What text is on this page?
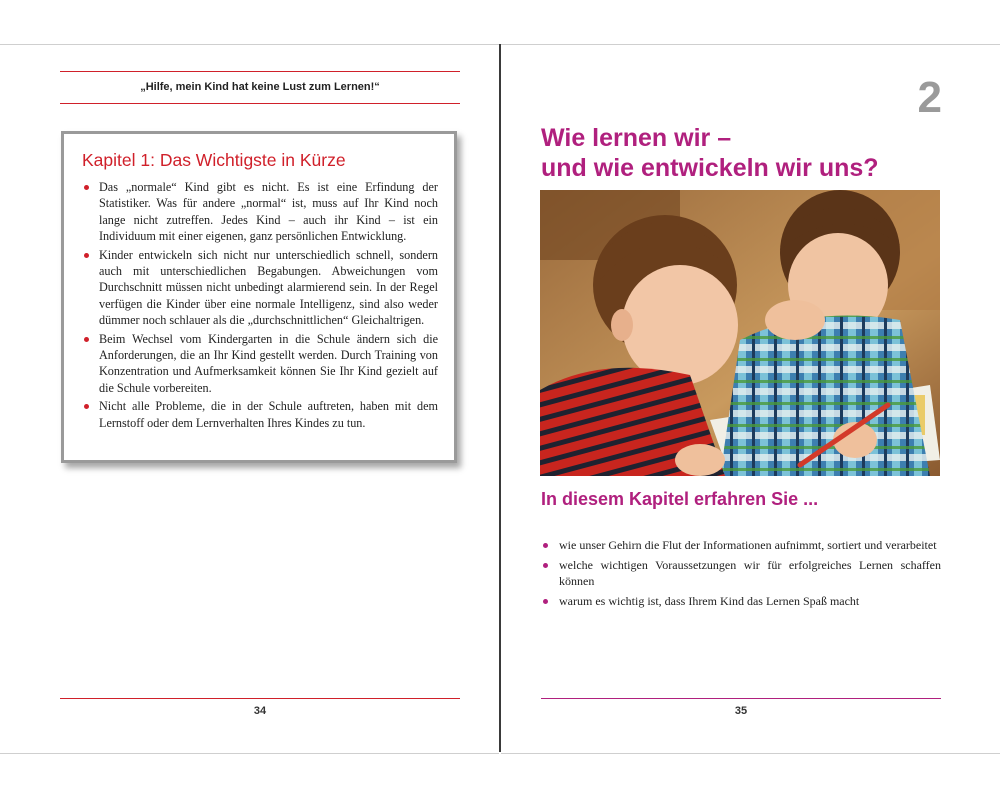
„Hilfe, mein Kind hat keine Lust zum Lernen!“
Kapitel 1: Das Wichtigste in Kürze
Das „normale“ Kind gibt es nicht. Es ist eine Erfindung der Statistiker. Was für andere „normal“ ist, muss auf Ihr Kind noch lange nicht zutreffen. Jedes Kind – auch ihr Kind – ist ein Individuum mit einer eigenen, ganz persönlichen Entwicklung.
Kinder entwickeln sich nicht nur unterschiedlich schnell, sondern auch mit unterschiedlichen Begabungen. Abweichungen vom Durchschnitt müssen nicht unbedingt alarmierend sein. In der Regel verfügen die Kinder über eine normale Intelligenz, sind also weder dümmer noch schlauer als die „durchschnittlichen“ Gleichaltrigen.
Beim Wechsel vom Kindergarten in die Schule ändern sich die Anforderungen, die an Ihr Kind gestellt werden. Durch Training von Konzentration und Aufmerksamkeit können Sie Ihr Kind gezielt auf die Schule vorbereiten.
Nicht alle Probleme, die in der Schule auftreten, haben mit dem Lernstoff oder dem Lernverhalten Ihres Kindes zu tun.
34
2
Wie lernen wir –
und wie entwickeln wir uns?
In diesem Kapitel erfahren Sie ...
wie unser Gehirn die Flut der Informationen aufnimmt, sortiert und verarbeitet
welche wichtigen Voraussetzungen wir für erfolgreiches Lernen schaffen können
warum es wichtig ist, dass Ihrem Kind das Lernen Spaß macht
35
